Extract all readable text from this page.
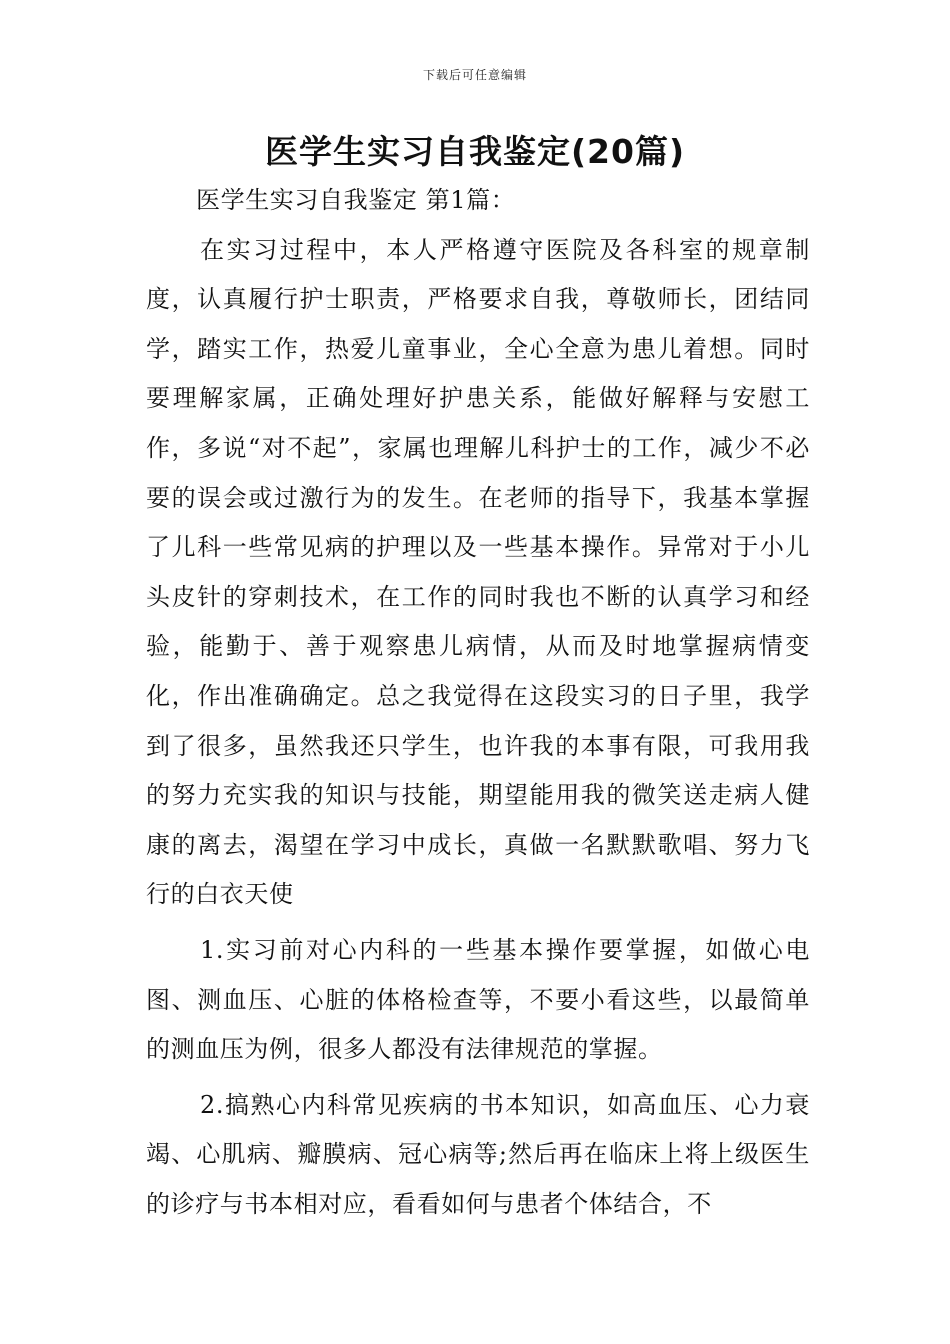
下载后可任意编辑
医学生实习自我鉴定(20篇)
医学生实习自我鉴定 第1篇：

在实习过程中，本人严格遵守医院及各科室的规章制度，认真履行护士职责，严格要求自我，尊敬师长，团结同学，踏实工作，热爱儿童事业，全心全意为患儿着想。同时要理解家属，正确处理好护患关系，能做好解释与安慰工作，多说“对不起”，家属也理解儿科护士的工作，减少不必要的误会或过激行为的发生。在老师的指导下，我基本掌握了儿科一些常见病的护理以及一些基本操作。异常对于小儿头皮针的穿刺技术，在工作的同时我也不断的认真学习和经验，能勤于、善于观察患儿病情，从而及时地掌握病情变化，作出准确确定。总之我觉得在这段实习的日子里，我学到了很多，虽然我还只学生，也许我的本事有限，可我用我的努力充实我的知识与技能，期望能用我的微笑送走病人健康的离去，渴望在学习中成长，真做一名默默歌唱、努力飞行的白衣天使

1.实习前对心内科的一些基本操作要掌握，如做心电图、测血压、心脏的体格检查等，不要小看这些，以最简单的测血压为例，很多人都没有法律规范的掌握。

2.搞熟心内科常见疾病的书本知识，如高血压、心力衰竭、心肌病、瓣膜病、冠心病等;然后再在临床上将上级医生的诊疗与书本相对应，看看如何与患者个体结合，不
